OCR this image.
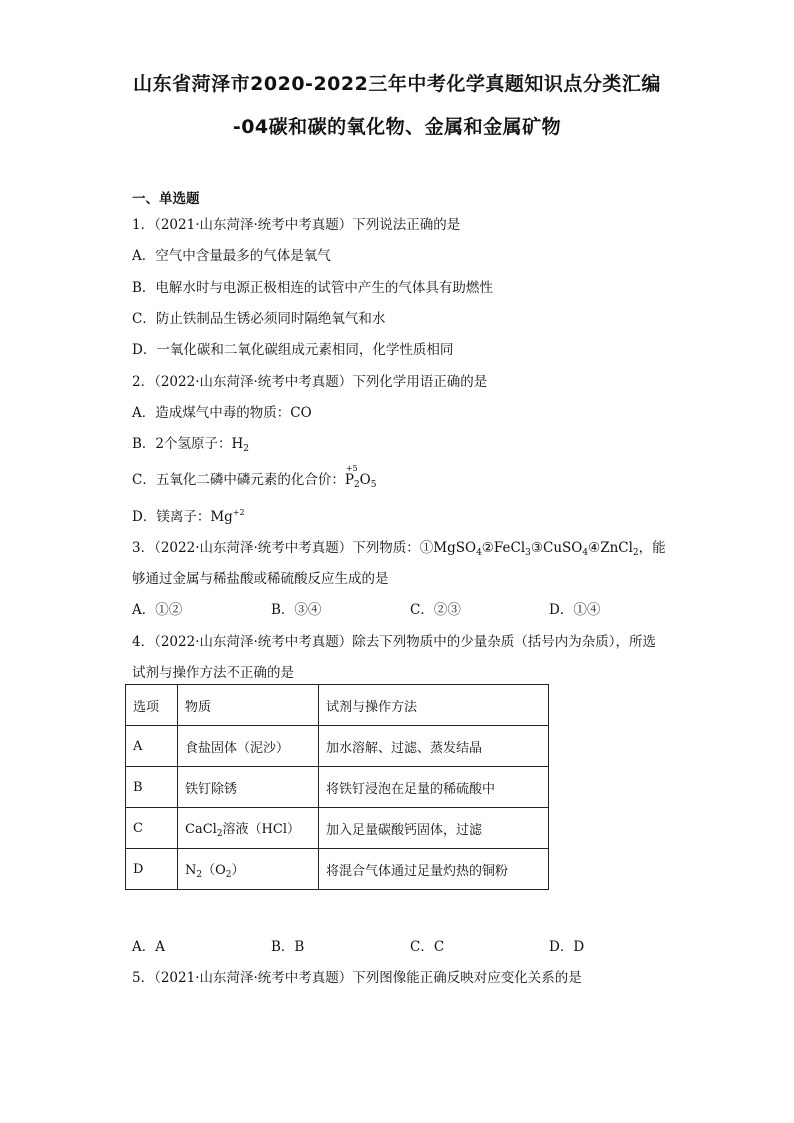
山东省菏泽市2020-2022三年中考化学真题知识点分类汇编
-04碳和碳的氧化物、金属和金属矿物
一、单选题
1．（2021·山东菏泽·统考中考真题）下列说法正确的是
A．空气中含量最多的气体是氧气
B．电解水时与电源正极相连的试管中产生的气体具有助燃性
C．防止铁制品生锈必须同时隔绝氧气和水
D．一氧化碳和二氧化碳组成元素相同，化学性质相同
2．（2022·山东菏泽·统考中考真题）下列化学用语正确的是
A．造成煤气中毒的物质：CO
B．2个氢原子：$H_2$
C．五氧化二磷中磷元素的化合价：
+5
$P_2O_5$
D．镁离子：$Mg^{+2}$
3．（2022·山东菏泽·统考中考真题）下列物质：①MgSO$_4$②FeCl$_3$③CuSO$_4$④ZnCl$_2$，能
够通过金属与稀盐酸或稀硫酸反应生成的是
A．①②	B．③④	C．②③	D．①④
4．（2022·山东菏泽·统考中考真题）除去下列物质中的少量杂质（括号内为杂质），所选
试剂与操作方法不正确的是
选项	物质	试剂与操作方法
A	食盐固体（泥沙）	加水溶解、过滤、蒸发结晶
B	铁钉除锈	将铁钉浸泡在足量的稀硫酸中
C	CaCl$_2$溶液（HCl）	加入足量碳酸钙固体，过滤
D	$N_2(O_2)$	将混合气体通过足量灼热的铜粉
A．A	B．B	C．C	D．D
5．（2021·山东菏泽·统考中考真题）下列图像能正确反映对应变化关系的是
